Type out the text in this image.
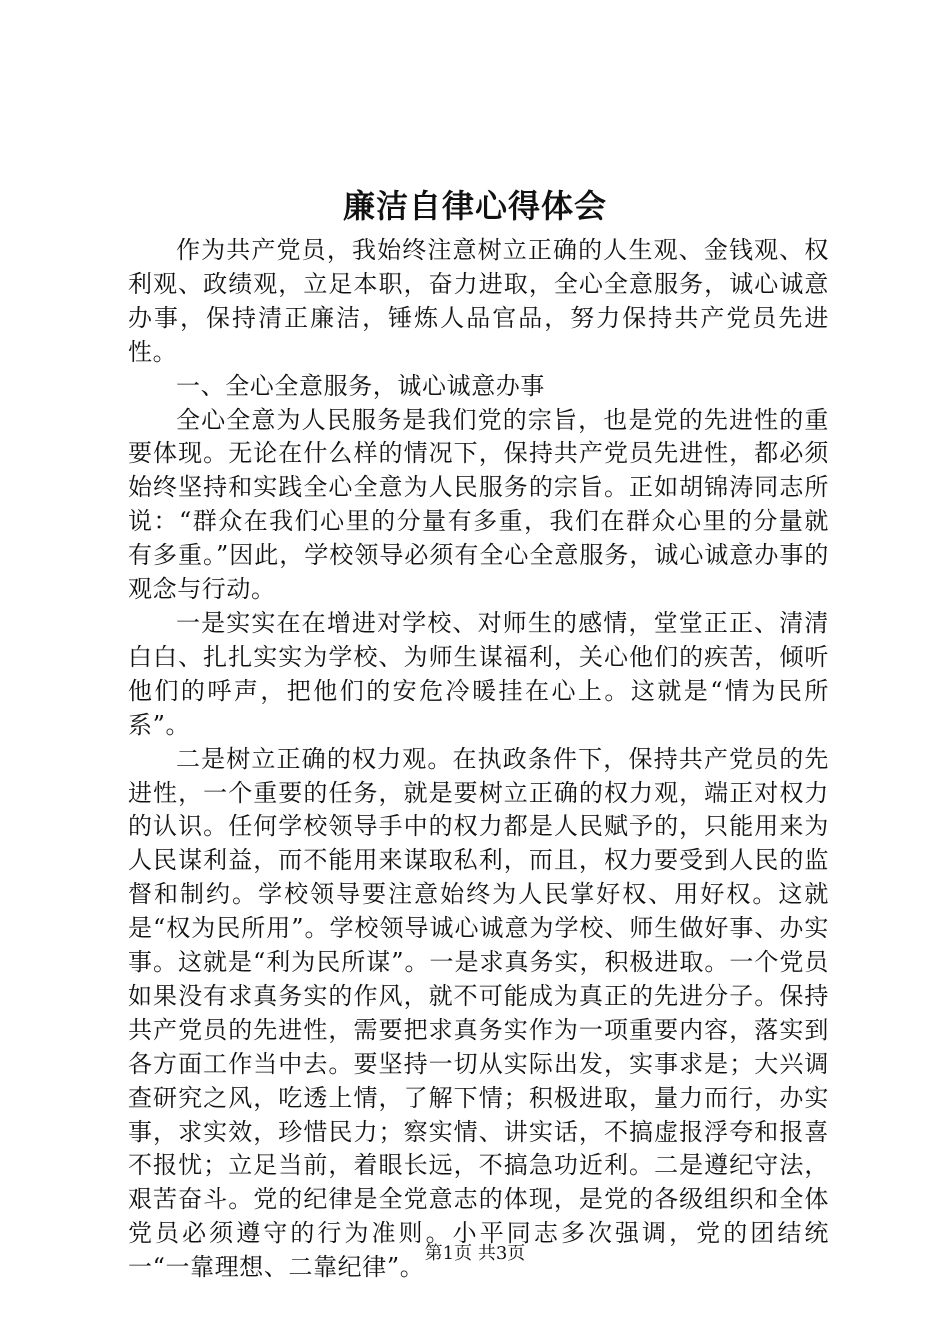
廉洁自律心得体会

作为共产党员，我始终注意树立正确的人生观、金钱观、权利观、政绩观，立足本职，奋力进取，全心全意服务，诚心诚意办事，保持清正廉洁，锤炼人品官品，努力保持共产党员先进性。

一、全心全意服务，诚心诚意办事

全心全意为人民服务是我们党的宗旨，也是党的先进性的重要体现。无论在什么样的情况下，保持共产党员先进性，都必须始终坚持和实践全心全意为人民服务的宗旨。正如胡锦涛同志所说：“群众在我们心里的分量有多重，我们在群众心里的分量就有多重。”因此，学校领导必须有全心全意服务，诚心诚意办事的观念与行动。

一是实实在在增进对学校、对师生的感情，堂堂正正、清清白白、扎扎实实为学校、为师生谋福利，关心他们的疾苦，倾听他们的呼声，把他们的安危冷暖挂在心上。这就是“情为民所系”。

二是树立正确的权力观。在执政条件下，保持共产党员的先进性，一个重要的任务，就是要树立正确的权力观，端正对权力的认识。任何学校领导手中的权力都是人民赋予的，只能用来为人民谋利益，而不能用来谋取私利，而且，权力要受到人民的监督和制约。学校领导要注意始终为人民掌好权、用好权。这就是“权为民所用”。学校领导诚心诚意为学校、师生做好事、办实事。这就是“利为民所谋”。一是求真务实，积极进取。一个党员如果没有求真务实的作风，就不可能成为真正的先进分子。保持共产党员的先进性，需要把求真务实作为一项重要内容，落实到各方面工作当中去。要坚持一切从实际出发，实事求是；大兴调查研究之风，吃透上情，了解下情；积极进取，量力而行，办实事，求实效，珍惜民力；察实情、讲实话，不搞虚报浮夸和报喜不报忧；立足当前，着眼长远，不搞急功近利。二是遵纪守法，艰苦奋斗。党的纪律是全党意志的体现，是党的各级组织和全体党员必须遵守的行为准则。小平同志多次强调，党的团结统一“一靠理想、二靠纪律”。 第1页 共3页
